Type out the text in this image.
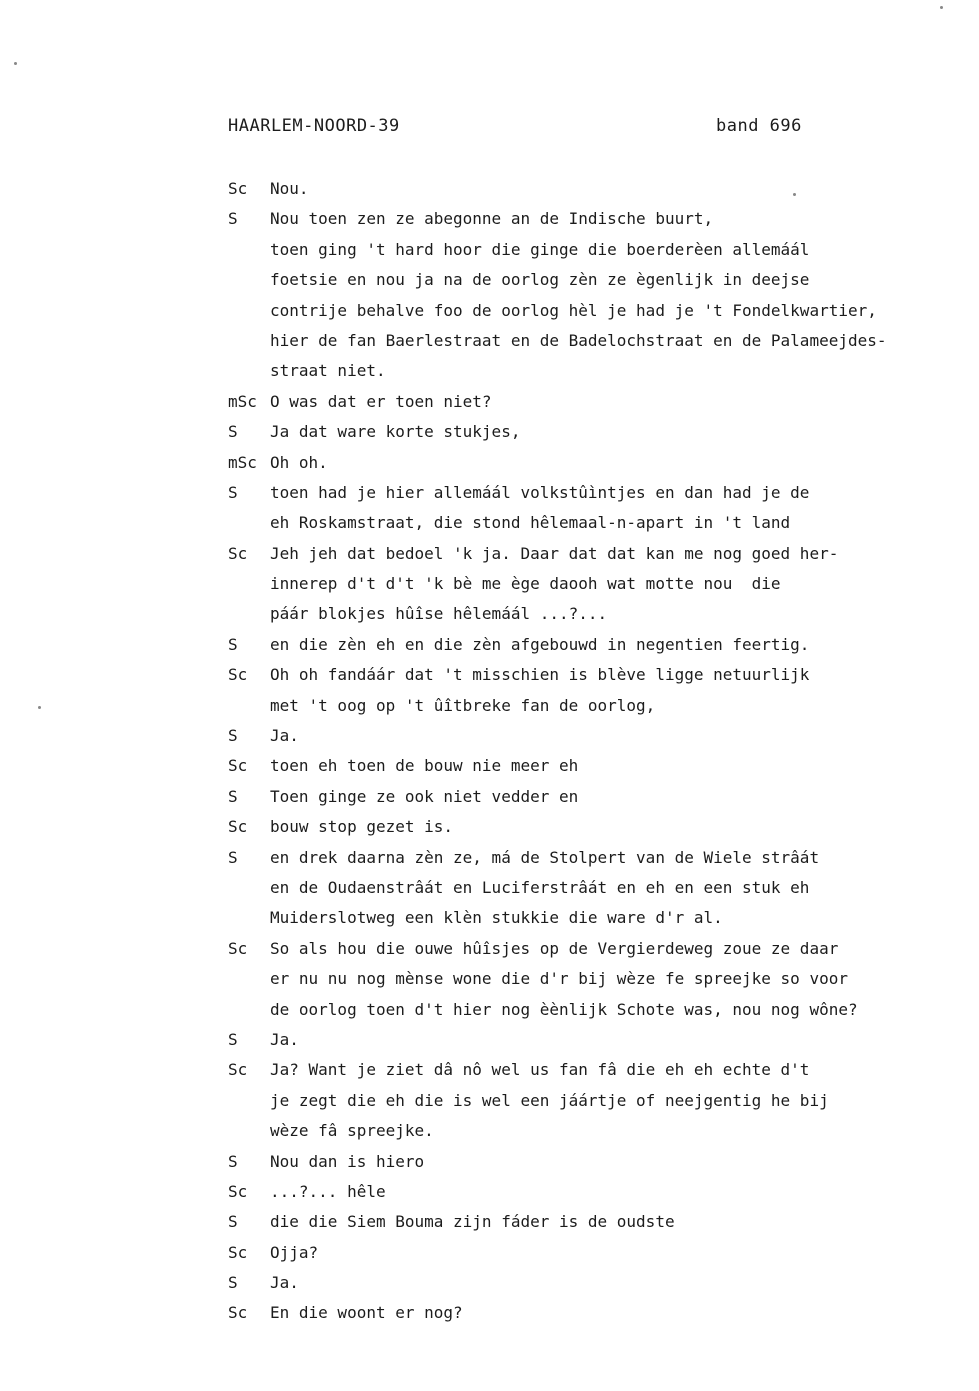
HAARLEM-NOORD-39	band 696
Sc	Nou.
S	Nou toen zen ze abegonne an de Indische buurt,
toen ging 't hard hoor die ginge die boerderèen allemáál
foetsie en nou ja na de oorlog zèn ze ègenlijk in deejse
contrije behalve foo de oorlog hèl je had je 't Fondelkwartier,
hier de fan Baerlestraat en de Badelochstraat en de Palameejdes-
straat niet.
mSc O was dat er toen niet?
S	Ja dat ware korte stukjes,
mSc Oh oh.
S	toen had je hier allemáál volkstûìntjes en dan had je de
eh Roskamstraat, die stond hêlemaal-n-apart in 't land
Sc	Jeh jeh dat bedoel 'k ja. Daar dat dat kan me nog goed her-
innerep d't d't 'k bè me ège daooh wat motte nou  die
páár blokjes hûîse hêlemáál ...?...
S	en die zèn eh en die zèn afgebouwd in negentien feertig.
Sc	Oh oh fandáár dat 't misschien is blève ligge netuurlijk
met 't oog op 't ûîtbreke fan de oorlog,
S	Ja.
Sc	toen eh toen de bouw nie meer eh
S	Toen ginge ze ook niet vedder en
Sc	bouw stop gezet is.
S	en drek daarna zèn ze, má de Stolpert van de Wiele strâát
en de Oudaenstrâát en Luciferstrâát en eh en een stuk eh
Muiderslotweg een klèn stukkie die ware d'r al.
Sc	So als hou die ouwe hûîsjes op de Vergierdeweg zoue ze daar
er nu nu nog mènse wone die d'r bij wèze fe spreejke so voor
de oorlog toen d't hier nog èènlijk Schote was, nou nog wône?
S	Ja.
Sc	Ja? Want je ziet dâ nô wel us fan fâ die eh eh echte d't
je zegt die eh die is wel een jáártje of neejgentig he bij
wèze fâ spreejke.
S	Nou dan is hiero
Sc	...?... hêle
S	die die Siem Bouma zijn fáder is de oudste
Sc	Ojja?
S	Ja.
Sc	En die woont er nog?
